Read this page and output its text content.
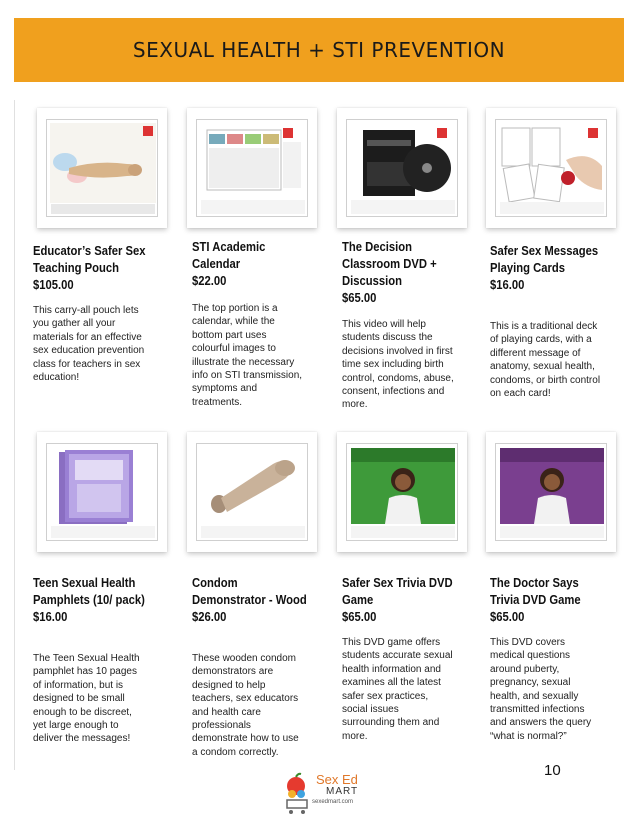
SEXUAL HEALTH + STI PREVENTION
Educator’s Safer Sex Teaching Pouch
$105.00
This carry-all pouch lets you gather all your materials for an effective sex education prevention class for teachers in sex education!
STI Academic Calendar
$22.00
The top portion is a calendar, while the bottom part uses colourful images to illustrate the necessary info on STI transmission, symptoms and treatments.
The Decision Classroom DVD + Discussion
$65.00
This video will help students discuss the decisions involved in first time sex including birth control, condoms, abuse, consent, infections and more.
Safer Sex Messages Playing Cards
$16.00
This is a traditional deck of playing cards, with a different message of anatomy, sexual health, condoms, or birth control on each card!
Teen Sexual Health Pamphlets (10/ pack)
$16.00
The Teen Sexual Health pamphlet has 10 pages of information, but is designed to be small enough to be discreet, yet large enough to deliver the messages!
Condom Demonstrator - Wood
$26.00
These wooden condom demonstrators are designed to help teachers, sex educators and health care professionals demonstrate how to use a condom correctly.
Safer Sex Trivia DVD Game
$65.00
This DVD game offers students accurate sexual health information and examines all the latest safer sex practices, social issues surrounding them and more.
The Doctor Says Trivia DVD Game
$65.00
This DVD covers medical questions around puberty, pregnancy, sexual health, and sexually transmitted infections and answers the query “what is normal?”
10
Sex Ed
MART
sexedmart.com
